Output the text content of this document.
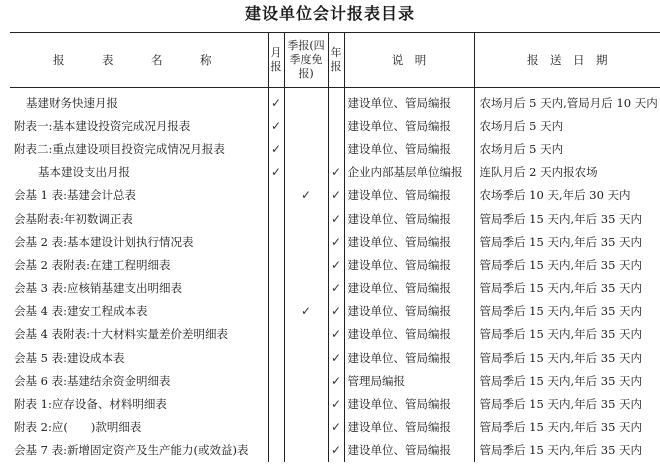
建设单位会计报表目录
报　表　名　称	月报	季报(四季度免报)	年报	说　明	报　送　日　期
基建财务快速月报	✓			建设单位、管局编报	农场月后 5 天内,管局月后 10 天内
附表一:基本建设投资完成况月报表	✓			建设单位、管局编报	农场月后 5 天内
附表二:重点建设项目投资完成情况月报表	✓			建设单位、管局编报	农场月后 5 天内
基本建设支出月报	✓		✓	企业内部基层单位编报	连队月后 2 天内报农场
会基 1 表:基建会计总表		✓	✓	建设单位、管局编报	农场季后 10 天,年后 30 天内
会基附表:年初数调正表			✓	建设单位、管局编报	管局季后 15 天内,年后 35 天内
会基 2 表:基本建设计划执行情况表			✓	建设单位、管局编报	管局季后 15 天内,年后 35 天内
会基 2 表附表:在建工程明细表			✓	建设单位、管局编报	管局季后 15 天内,年后 35 天内
会基 3 表:应核销基建支出明细表			✓	建设单位、管局编报	管局季后 15 天内,年后 35 天内
会基 4 表:建安工程成本表		✓	✓	建设单位、管局编报	管局季后 15 天内,年后 35 天内
会基 4 表附表:十大材料实量差价差明细表			✓	建设单位、管局编报	管局季后 15 天内,年后 35 天内
会基 5 表:建设成本表			✓	建设单位、管局编报	管局季后 15 天内,年后 35 天内
会基 6 表:基建结余资金明细表			✓	管理局编报	管局季后 15 天内,年后 35 天内
附表 1:应存设备、材料明细表			✓	建设单位、管局编报	管局季后 15 天内,年后 35 天内
附表 2:应(　　)款明细表			✓	建设单位、管局编报	管局季后 15 天内,年后 35 天内
会基 7 表:新增固定资产及生产能力(或效益)表			✓	建设单位、管局编报	管局季后 15 天内,年后 35 天内
